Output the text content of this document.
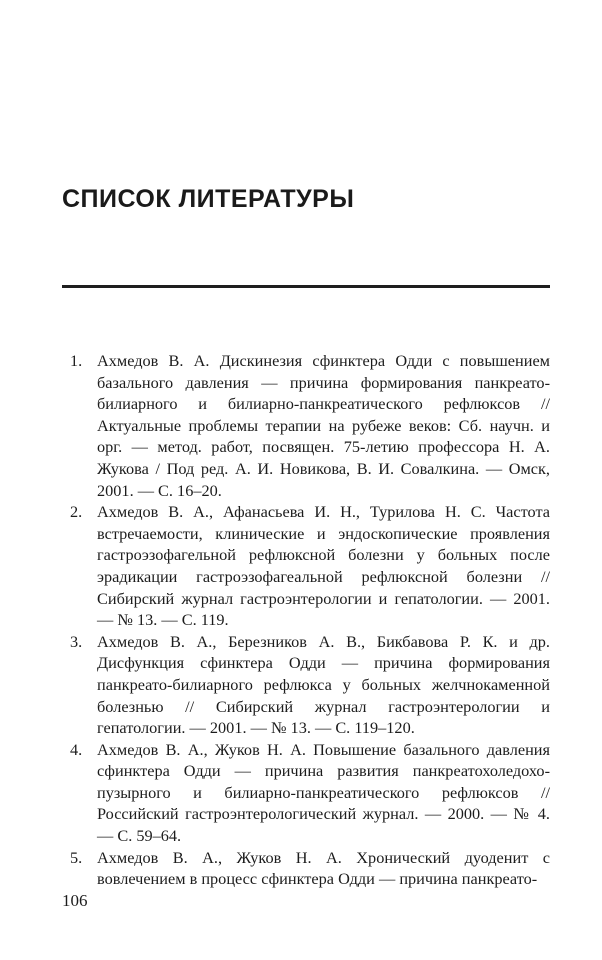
СПИСОК ЛИТЕРАТУРЫ
1. Ахмедов В. А. Дискинезия сфинктера Одди с повышением базального давления — причина формирования панкреато-билиарного и билиарно-панкреатического рефлюксов // Актуальные проблемы терапии на рубеже веков: Сб. научн. и орг. — метод. работ, посвящен. 75-летию профессора Н. А. Жукова / Под ред. А. И. Новикова, В. И. Совалкина. — Омск, 2001. — С. 16–20.
2. Ахмедов В. А., Афанасьева И. Н., Турилова Н. С. Частота встречаемости, клинические и эндоскопические проявления гастроэзофагельной рефлюксной болезни у больных после эрадикации гастроэзофагеальной рефлюксной болезни // Сибирский журнал гастроэнтерологии и гепатологии. — 2001. — № 13. — С. 119.
3. Ахмедов В. А., Березников А. В., Бикбавова Р. К. и др. Дисфункция сфинктера Одди — причина формирования панкреато-билиарного рефлюкса у больных желчнокаменной болезнью // Сибирский журнал гастроэнтерологии и гепатологии. — 2001. — № 13. — С. 119–120.
4. Ахмедов В. А., Жуков Н. А. Повышение базального давления сфинктера Одди — причина развития панкреатохоледохо-пузырного и билиарно-панкреатического рефлюксов // Российский гастроэнтерологический журнал. — 2000. — № 4. — С. 59–64.
5. Ахмедов В. А., Жуков Н. А. Хронический дуоденит с вовлечением в процесс сфинктера Одди — причина панкреато-
106
